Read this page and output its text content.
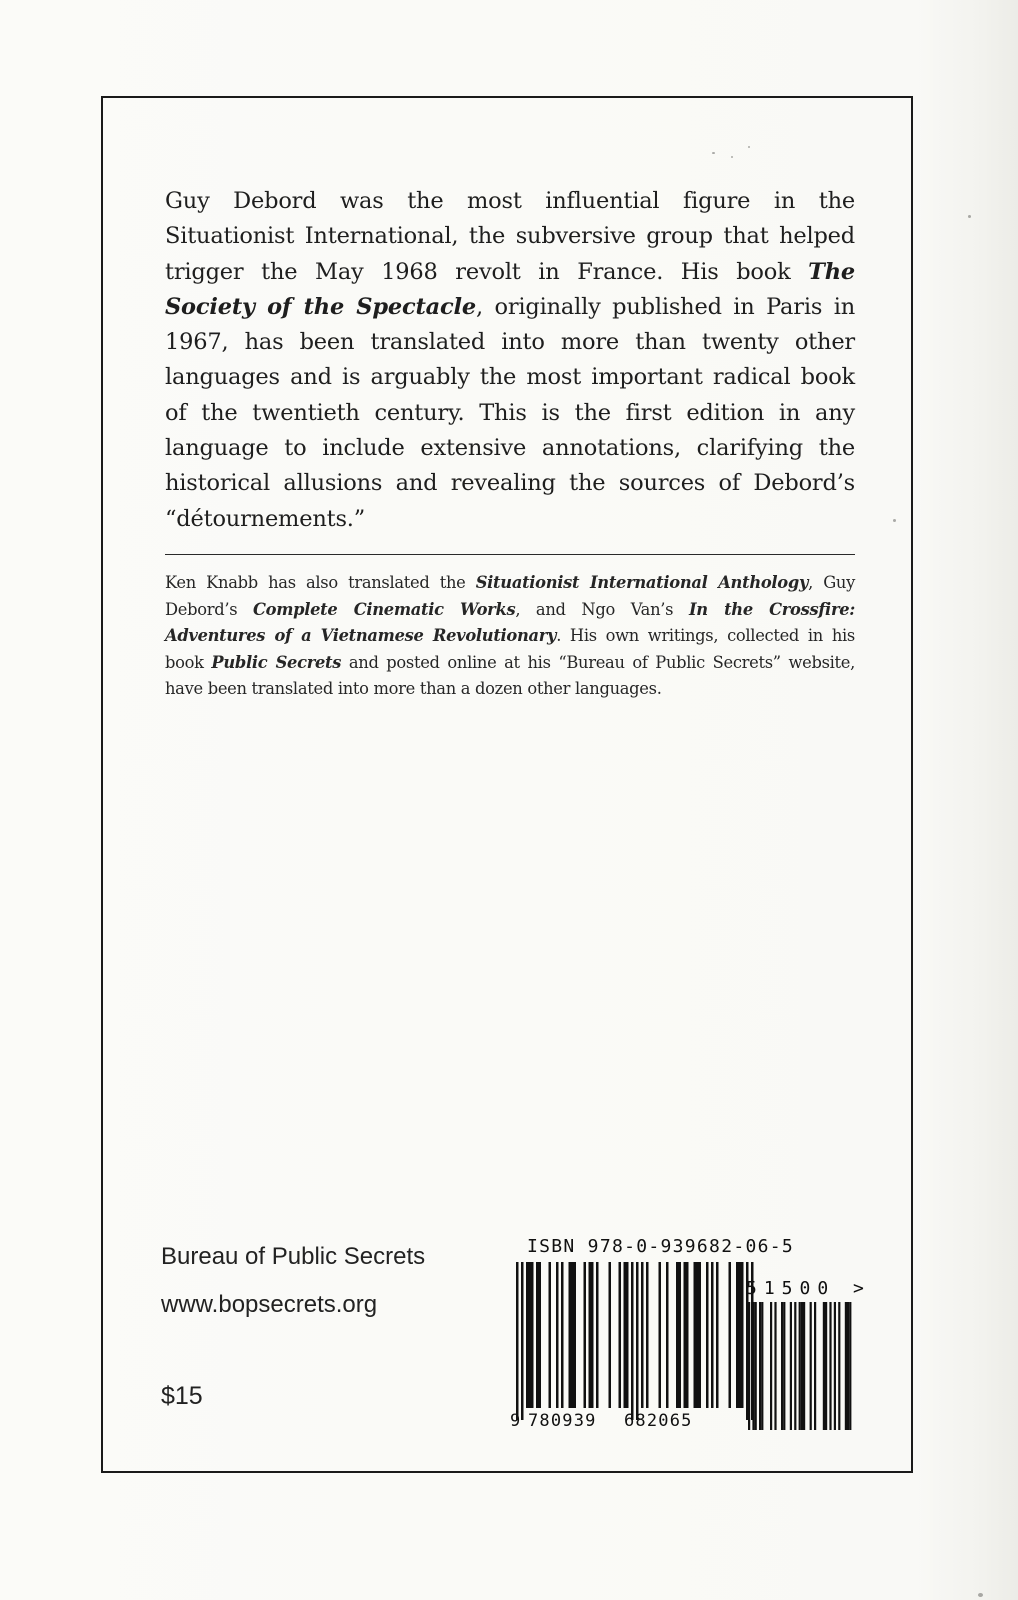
Guy Debord was the most influential figure in the Situationist International, the subversive group that helped trigger the May 1968 revolt in France. His book The Society of the Spectacle, originally published in Paris in 1967, has been translated into more than twenty other languages and is arguably the most important radical book of the twentieth century. This is the first edition in any language to include extensive annotations, clarifying the historical allusions and revealing the sources of Debord’s “détournements.”

Ken Knabb has also translated the Situationist International Anthology, Guy Debord’s Complete Cinematic Works, and Ngo Van’s In the Crossfire: Adventures of a Vietnamese Revolutionary. His own writings, collected in his book Public Secrets and posted online at his “Bureau of Public Secrets” website, have been translated into more than a dozen other languages.

Bureau of Public Secrets

www.bopsecrets.org

$15

ISBN 978-0-939682-06-5
9 780939 682065
51500 >
